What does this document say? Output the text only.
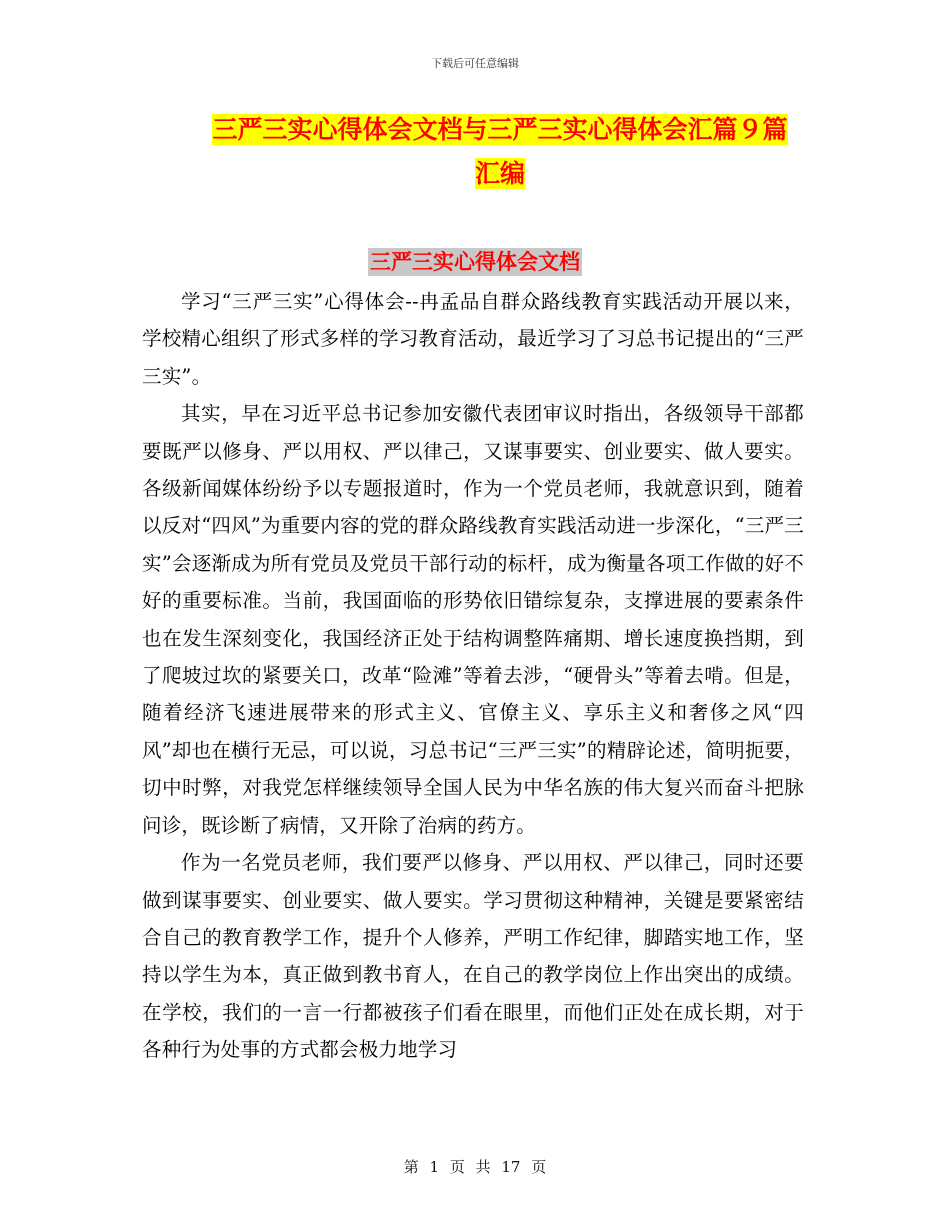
下载后可任意编辑
三严三实心得体会文档与三严三实心得体会汇篇９篇
汇编
三严三实心得体会文档

学习“三严三实”心得体会--冉孟品自群众路线教育实践活动开展以来，学校精心组织了形式多样的学习教育活动，最近学习了习总书记提出的“三严三实”。

其实，早在习近平总书记参加安徽代表团审议时指出，各级领导干部都要既严以修身、严以用权、严以律己，又谋事要实、创业要实、做人要实。各级新闻媒体纷纷予以专题报道时，作为一个党员老师，我就意识到，随着以反对“四风”为重要内容的党的群众路线教育实践活动进一步深化，“三严三实”会逐渐成为所有党员及党员干部行动的标杆，成为衡量各项工作做的好不好的重要标准。当前，我国面临的形势依旧错综复杂，支撑进展的要素条件也在发生深刻变化，我国经济正处于结构调整阵痛期、增长速度换挡期，到了爬坡过坎的紧要关口，改革“险滩”等着去涉，“硬骨头”等着去啃。但是，随着经济飞速进展带来的形式主义、官僚主义、享乐主义和奢侈之风“四风”却也在横行无忌，可以说，习总书记“三严三实”的精辟论述，简明扼要，切中时弊，对我党怎样继续领导全国人民为中华名族的伟大复兴而奋斗把脉问诊，既诊断了病情，又开除了治病的药方。

作为一名党员老师，我们要严以修身、严以用权、严以律己，同时还要做到谋事要实、创业要实、做人要实。学习贯彻这种精神，关键是要紧密结合自己的教育教学工作，提升个人修养，严明工作纪律，脚踏实地工作，坚持以学生为本，真正做到教书育人，在自己的教学岗位上作出突出的成绩。在学校，我们的一言一行都被孩子们看在眼里，而他们正处在成长期，对于各种行为处事的方式都会极力地学习

第 1 页 共 17 页
